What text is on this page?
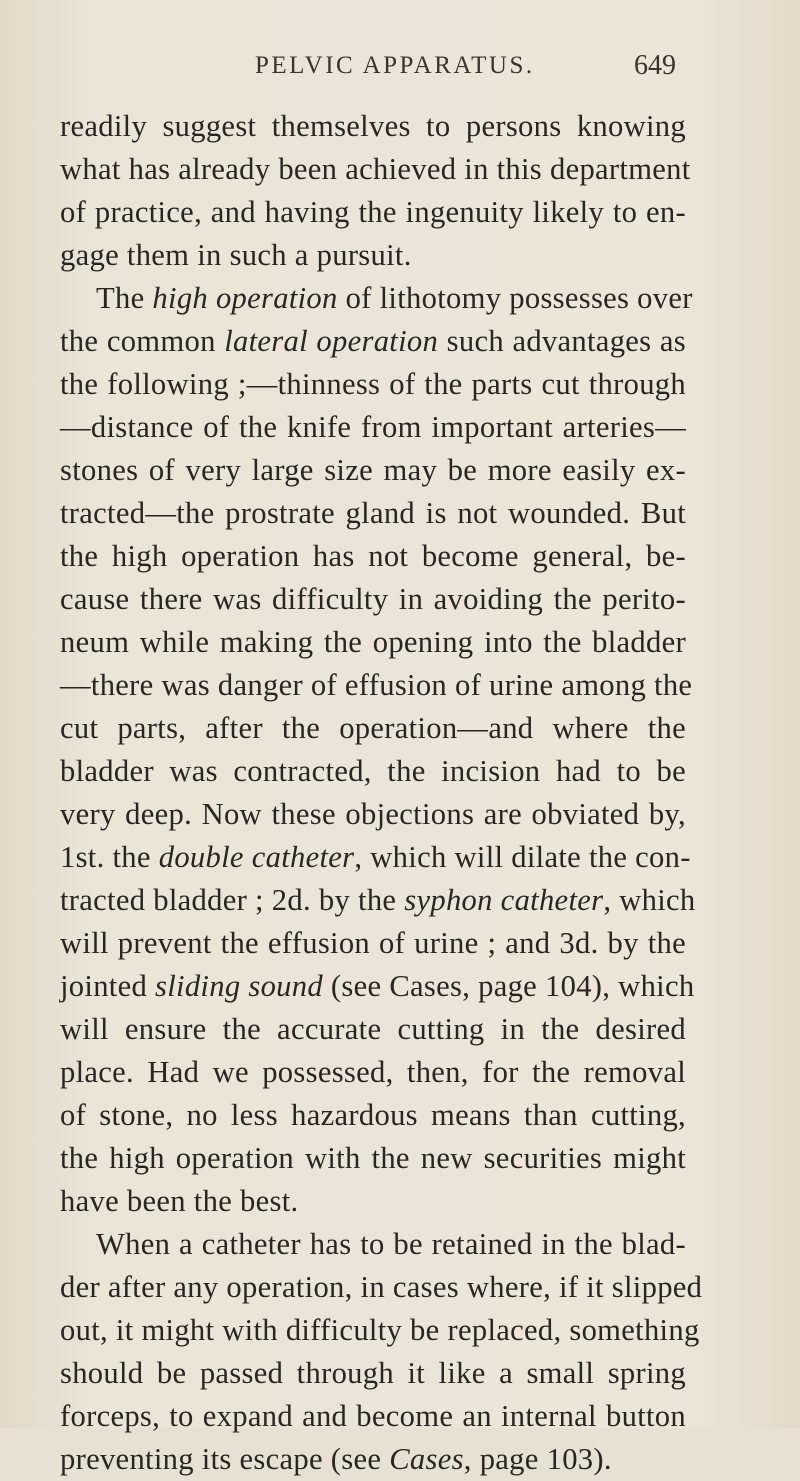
PELVIC APPARATUS.	649
readily suggest themselves to persons knowing
what has already been achieved in this department
of practice, and having the ingenuity likely to en-
gage them in such a pursuit.
The high operation of lithotomy possesses over
the common lateral operation such advantages as
the following ;—thinness of the parts cut through
—distance of the knife from important arteries—
stones of very large size may be more easily ex-
tracted—the prostrate gland is not wounded. But
the high operation has not become general, be-
cause there was difficulty in avoiding the perito-
neum while making the opening into the bladder
—there was danger of effusion of urine among the
cut parts, after the operation—and where the
bladder was contracted, the incision had to be
very deep. Now these objections are obviated by,
1st. the double catheter, which will dilate the con-
tracted bladder ; 2d. by the syphon catheter, which
will prevent the effusion of urine ; and 3d. by the
jointed sliding sound (see Cases, page 104), which
will ensure the accurate cutting in the desired
place. Had we possessed, then, for the removal
of stone, no less hazardous means than cutting,
the high operation with the new securities might
have been the best.
When a catheter has to be retained in the blad-
der after any operation, in cases where, if it slipped
out, it might with difficulty be replaced, something
should be passed through it like a small spring
forceps, to expand and become an internal button
preventing its escape (see Cases, page 103).
